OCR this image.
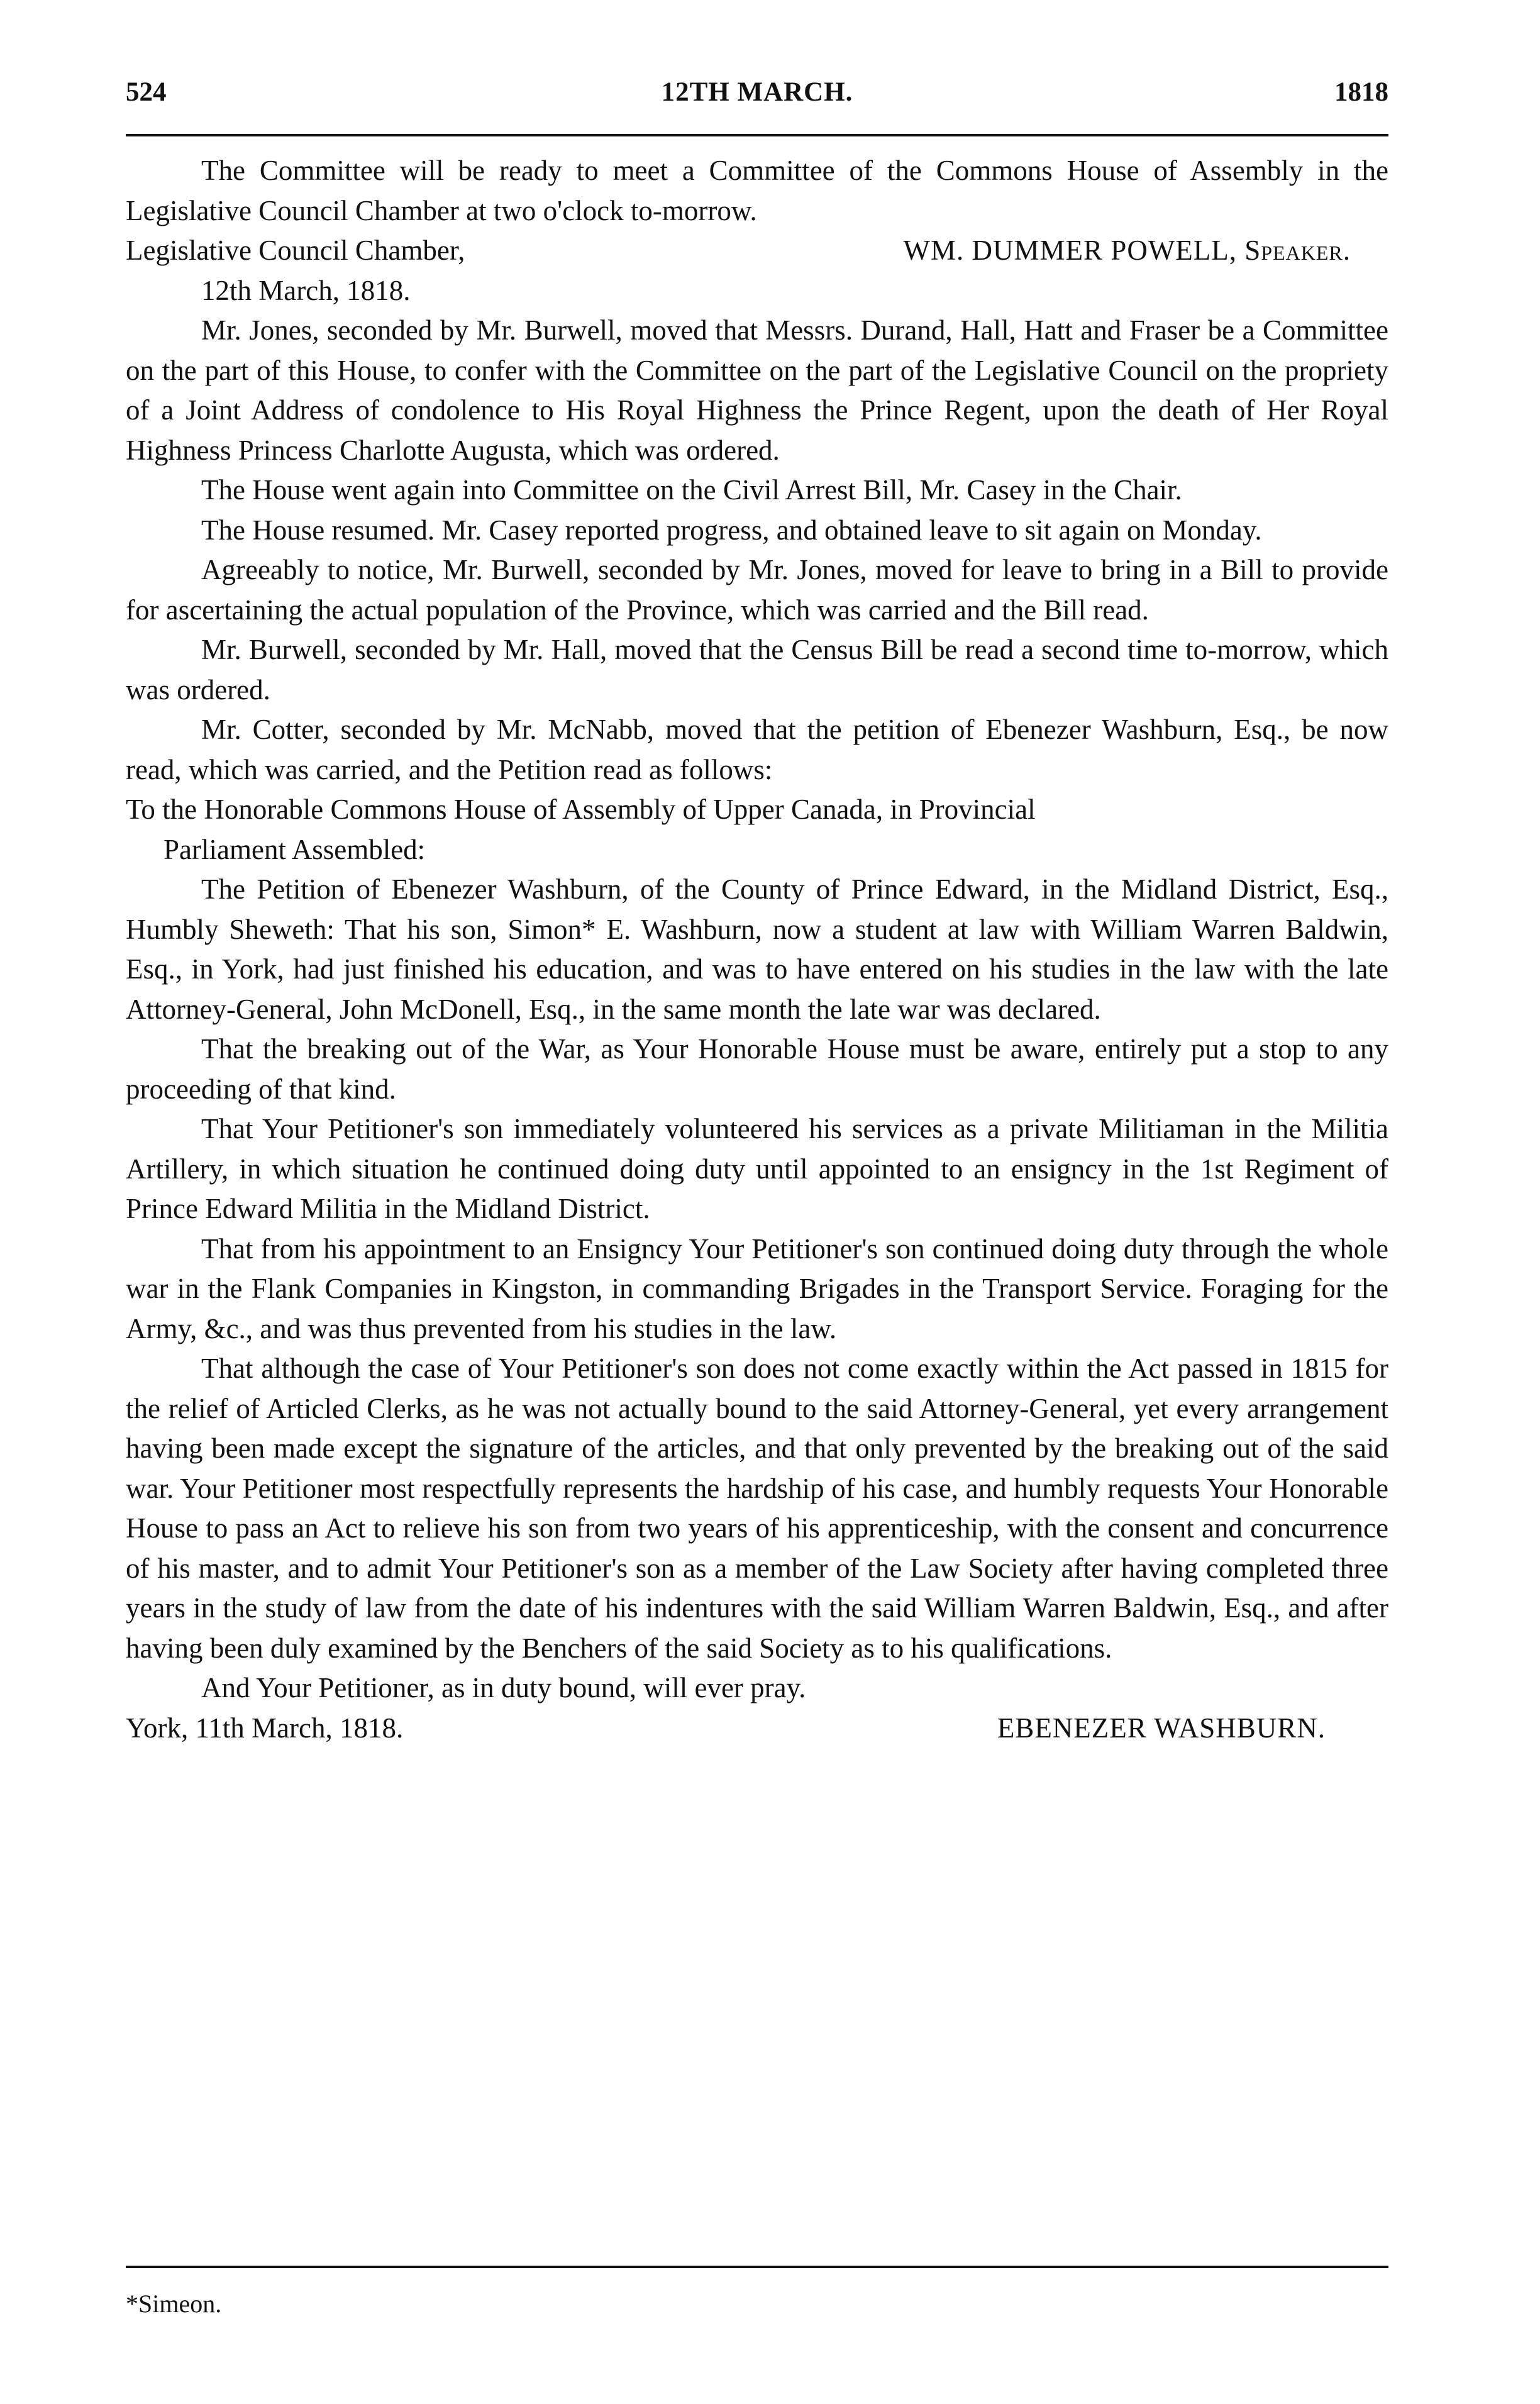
524	12TH MARCH.	1818

The Committee will be ready to meet a Committee of the Commons House of Assembly in the Legislative Council Chamber at two o'clock to-morrow.

Legislative Council Chamber,	WM. DUMMER POWELL, Speaker.

12th March, 1818.

Mr. Jones, seconded by Mr. Burwell, moved that Messrs. Durand, Hall, Hatt and Fraser be a Committee on the part of this House, to confer with the Committee on the part of the Legislative Council on the propriety of a Joint Address of condolence to His Royal Highness the Prince Regent, upon the death of Her Royal Highness Princess Charlotte Augusta, which was ordered.

The House went again into Committee on the Civil Arrest Bill, Mr. Casey in the Chair.

The House resumed. Mr. Casey reported progress, and obtained leave to sit again on Monday.

Agreeably to notice, Mr. Burwell, seconded by Mr. Jones, moved for leave to bring in a Bill to provide for ascertaining the actual population of the Province, which was carried and the Bill read.

Mr. Burwell, seconded by Mr. Hall, moved that the Census Bill be read a second time to-morrow, which was ordered.

Mr. Cotter, seconded by Mr. McNabb, moved that the petition of Ebenezer Washburn, Esq., be now read, which was carried, and the Petition read as follows:

To the Honorable Commons House of Assembly of Upper Canada, in Provincial
Parliament Assembled:

The Petition of Ebenezer Washburn, of the County of Prince Edward, in the Midland District, Esq., Humbly Sheweth: That his son, Simon* E. Washburn, now a student at law with William Warren Baldwin, Esq., in York, had just finished his education, and was to have entered on his studies in the law with the late Attorney-General, John McDonell, Esq., in the same month the late war was declared.

That the breaking out of the War, as Your Honorable House must be aware, entirely put a stop to any proceeding of that kind.

That Your Petitioner's son immediately volunteered his services as a private Militiaman in the Militia Artillery, in which situation he continued doing duty until appointed to an ensigncy in the 1st Regiment of Prince Edward Militia in the Midland District.

That from his appointment to an Ensigncy Your Petitioner's son continued doing duty through the whole war in the Flank Companies in Kingston, in commanding Brigades in the Transport Service. Foraging for the Army, &c., and was thus prevented from his studies in the law.

That although the case of Your Petitioner's son does not come exactly within the Act passed in 1815 for the relief of Articled Clerks, as he was not actually bound to the said Attorney-General, yet every arrangement having been made except the signature of the articles, and that only prevented by the breaking out of the said war. Your Petitioner most respectfully represents the hardship of his case, and humbly requests Your Honorable House to pass an Act to relieve his son from two years of his apprenticeship, with the consent and concurrence of his master, and to admit Your Petitioner's son as a member of the Law Society after having completed three years in the study of law from the date of his indentures with the said William Warren Baldwin, Esq., and after having been duly examined by the Benchers of the said Society as to his qualifications.

And Your Petitioner, as in duty bound, will ever pray.

York, 11th March, 1818.	EBENEZER WASHBURN.

*Simeon.
